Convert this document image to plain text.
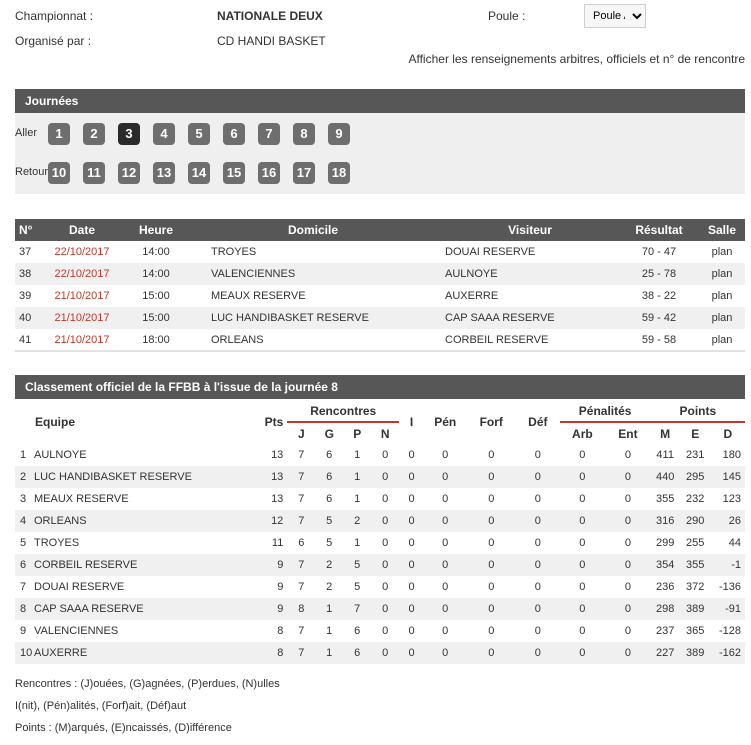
Championnat :	NATIONALE DEUX	Poule :
Poule A
Organisé par :	CD HANDI BASKET
Afficher les renseignements arbitres, officiels et n° de rencontre
Journées
Aller
Retour
1	2	3	4	5	6	7	8	9
10	11	12 13 14 15 16 17 18
N°	Date	Heure	Domicile	Visiteur	Résultat	Salle
37	22/10/2017	14:00	TROYES	DOUAI RESERVE	70 - 47	plan
38	22/10/2017	14:00	VALENCIENNES	AULNOYE	25 - 78	plan
39	21/10/2017	15:00	MEAUX RESERVE	AUXERRE	38 - 22	plan
40	21/10/2017	15:00	LUC HANDIBASKET RESERVE	CAP SAAA RESERVE	59 - 42	plan
41	21/10/2017	18:00	ORLEANS	CORBEIL RESERVE	59 - 58	plan
Classement officiel de la FFBB à l'issue de la journée 8
Equipe	Pts	Rencontres				I	Pén	Forf	Déf	Pénalités		Points		
		J	G	P	N					Arb	Ent	M	E	D
1 AULNOYE	13	7	6	1	0	0	0	0	0	0	0	411	231	180
2 LUC HANDIBASKET RESERVE	13	7	6	1	0	0	0	0	0	0	0	440	295	145
3 MEAUX RESERVE	13	7	6	1	0	0	0	0	0	0	0	355	232	123
4 ORLEANS	12	7	5	2	0	0	0	0	0	0	0	316	290	26
5 TROYES	11	6	5	1	0	0	0	0	0	0	0	299	255	44
6 CORBEIL RESERVE	9	7	2	5	0	0	0	0	0	0	0	354	355	-1
7 DOUAI RESERVE	9	7	2	5	0	0	0	0	0	0	0	236	372	-136
8 CAP SAAA RESERVE	9	8	1	7	0	0	0	0	0	0	0	298	389	-91
9 VALENCIENNES	8	7	1	6	0	0	0	0	0	0	0	237	365	-128
10 AUXERRE	8	7	1	6	0	0	0	0	0	0	0	227	389	-162
Rencontres : (J)ouées, (G)agnées, (P)erdues, (N)ulles
I(nit), (Pén)alités, (Forf)ait, (Déf)aut
Points : (M)arqués, (E)ncaissés, (D)ifférence
